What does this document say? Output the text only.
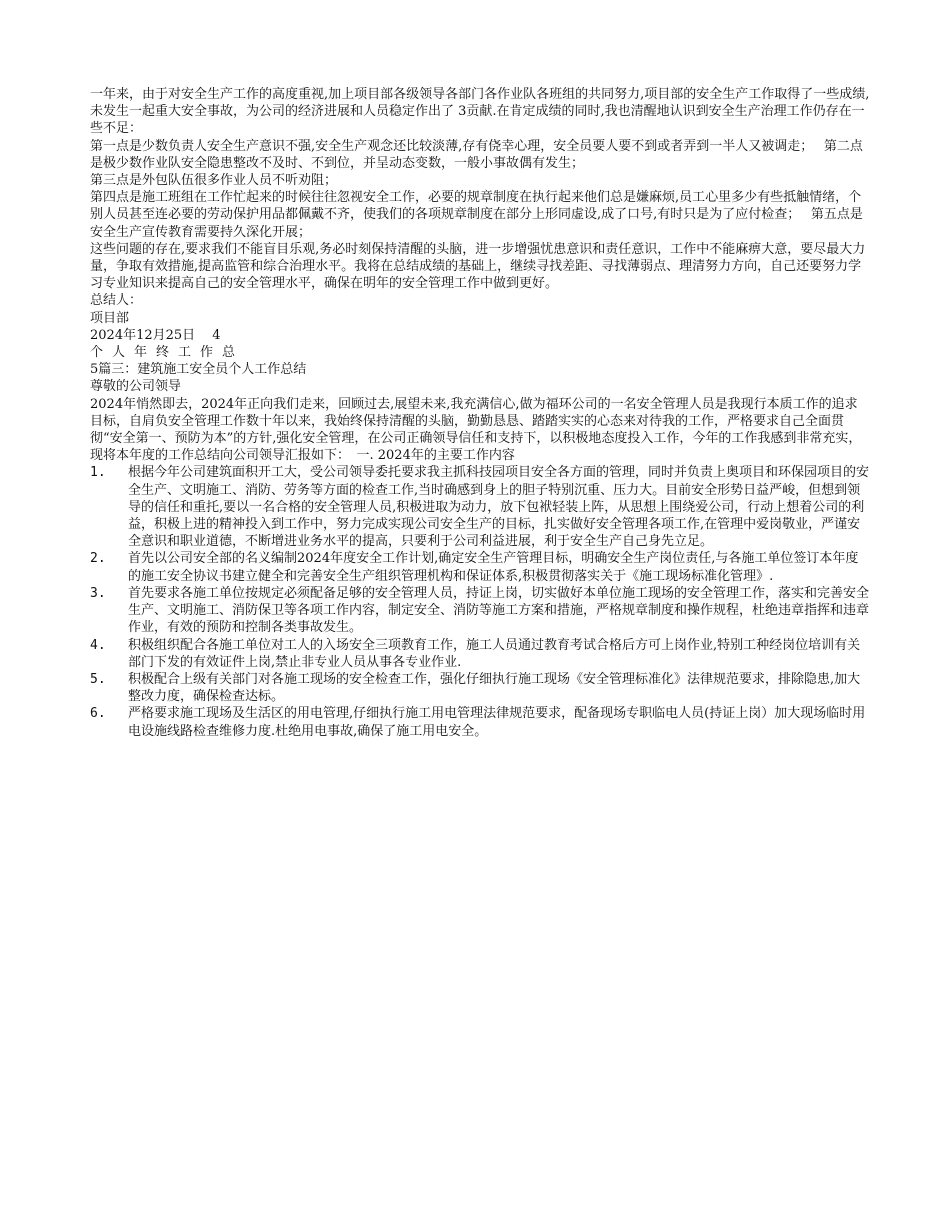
一年来，由于对安全生产工作的高度重视,加上项目部各级领导各部门各作业队各班组的共同努力,项目部的安全生产工作取得了一些成绩,未发生一起重大安全事故，为公司的经济进展和人员稳定作出了 3贡献.在肯定成绩的同时,我也清醒地认识到安全生产治理工作仍存在一些不足：

第一点是少数负责人安全生产意识不强,安全生产观念还比较淡薄,存有侥幸心理，安全员要人要不到或者弄到一半人又被调走；　 第二点是极少数作业队安全隐患整改不及时、不到位，并呈动态变数，一般小事故偶有发生；

第三点是外包队伍很多作业人员不听劝阻；

第四点是施工班组在工作忙起来的时候往往忽视安全工作，必要的规章制度在执行起来他们总是嫌麻烦,员工心里多少有些抵触情绪，个别人员甚至连必要的劳动保护用品都佩戴不齐，使我们的各项规章制度在部分上形同虚设,成了口号,有时只是为了应付检查；　 第五点是安全生产宣传教育需要持久深化开展；

这些问题的存在,要求我们不能盲目乐观,务必时刻保持清醒的头脑，进一步增强忧患意识和责任意识，工作中不能麻痹大意，要尽最大力量，争取有效措施,提高监管和综合治理水平。我将在总结成绩的基础上，继续寻找差距、寻找薄弱点、理清努力方向，自己还要努力学习专业知识来提高自己的安全管理水平，确保在明年的安全管理工作中做到更好。

总结人：

项目部

2024年12月25日　 4

个人年终工作总

5篇三：建筑施工安全员个人工作总结

尊敬的公司领导

2024年悄然即去，2024年正向我们走来，回顾过去,展望未来,我充满信心,做为福环公司的一名安全管理人员是我现行本质工作的追求目标，自肩负安全管理工作数十年以来，我始终保持清醒的头脑，勤勤恳恳、踏踏实实的心态来对待我的工作，严格要求自己全面贯彻“安全第一、预防为本”的方针,强化安全管理，在公司正确领导信任和支持下，以积极地态度投入工作，今年的工作我感到非常充实，现将本年度的工作总结向公司领导汇报如下：　一. 2024年的主要工作内容

1.	根据今年公司建筑面积开工大，受公司领导委托要求我主抓科技园项目安全各方面的管理，同时并负责上奥项目和环保园项目的安全生产、文明施工、消防、劳务等方面的检查工作,当时确感到身上的胆子特别沉重、压力大。目前安全形势日益严峻，但想到领导的信任和重托,要以一名合格的安全管理人员,积极进取为动力，放下包袱轻装上阵，从思想上围绕爱公司，行动上想着公司的利益，积极上进的精神投入到工作中，努力完成实现公司安全生产的目标，扎实做好安全管理各项工作,在管理中爱岗敬业，严谨安全意识和职业道德，不断增进业务水平的提高，只要利于公司利益进展，利于安全生产自己身先立足。
2.	首先以公司安全部的名义编制2024年度安全工作计划,确定安全生产管理目标，明确安全生产岗位责任,与各施工单位签订本年度的施工安全协议书建立健全和完善安全生产组织管理机构和保证体系,积极贯彻落实关于《施工现场标准化管理》.
3.	首先要求各施工单位按规定必须配备足够的安全管理人员，持证上岗，切实做好本单位施工现场的安全管理工作，落实和完善安全生产、文明施工、消防保卫等各项工作内容，制定安全、消防等施工方案和措施，严格规章制度和操作规程，杜绝违章指挥和违章作业，有效的预防和控制各类事故发生。
4.	积极组织配合各施工单位对工人的入场安全三项教育工作，施工人员通过教育考试合格后方可上岗作业,特别工种经岗位培训有关部门下发的有效证件上岗,禁止非专业人员从事各专业作业.
5.	积极配合上级有关部门对各施工现场的安全检查工作，强化仔细执行施工现场《安全管理标准化》法律规范要求，排除隐患,加大整改力度，确保检查达标。
6.	严格要求施工现场及生活区的用电管理,仔细执行施工用电管理法律规范要求，配备现场专职临电人员(持证上岗）加大现场临时用电设施线路检查维修力度.杜绝用电事故,确保了施工用电安全。
